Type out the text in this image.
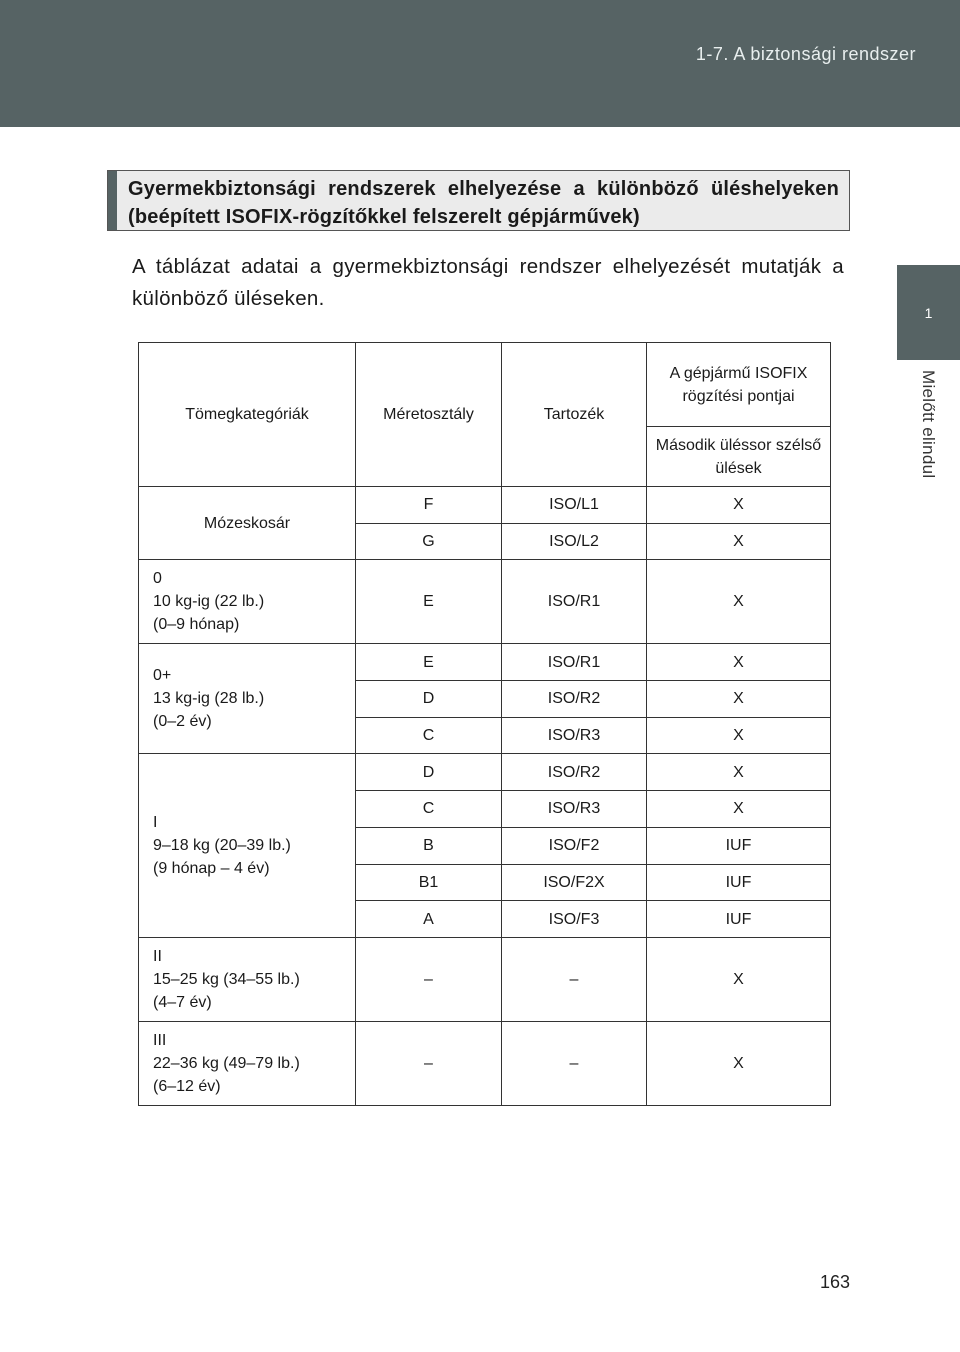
1-7. A biztonsági rendszer
1
Mielőtt elindul
Gyermekbiztonsági rendszerek elhelyezése a különböző üléshelyeken (beépített ISOFIX-rögzítőkkel felszerelt gépjárművek)
A táblázat adatai a gyermekbiztonsági rendszer elhelyezését mutatják a különböző üléseken.
Tömegkategóriák	Méretosztály	Tartozék	A gépjármű ISOFIX rögzítési pontjai
			Második üléssor szélső ülések

Mózeskosár	F	ISO/L1	X
	G	ISO/L2	X

0
10 kg-ig (22 lb.)
(0–9 hónap)	E	ISO/R1	X

0+
13 kg-ig (28 lb.)
(0–2 év)	E	ISO/R1	X
	D	ISO/R2	X
	C	ISO/R3	X

I
9–18 kg (20–39 lb.)
(9 hónap – 4 év)	D	ISO/R2	X
	C	ISO/R3	X
	B	ISO/F2	IUF
	B1	ISO/F2X	IUF
	A	ISO/F3	IUF

II
15–25 kg (34–55 lb.)
(4–7 év)	–	–	X

III
22–36 kg (49–79 lb.)
(6–12 év)	–	–	X
163
